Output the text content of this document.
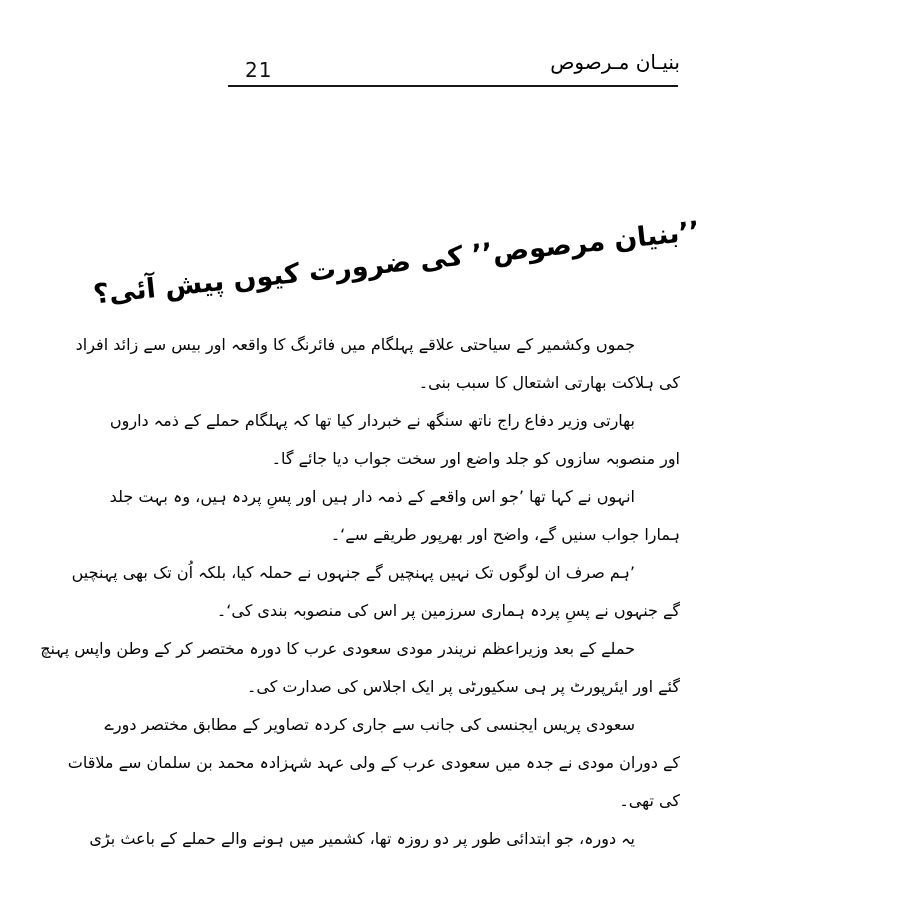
21	بنیـان مـرصوص
’’بنیان مرصوص’’ کی ضرورت کیوں پیش آئی؟
جموں وکشمیر کے سیاحتی علاقے پہلگام میں فائرنگ کا واقعہ اور بیس سے زائد افراد
کی ہلاکت بھارتی اشتعال کا سبب بنی۔
بھارتی وزیر دفاع راج ناتھ سنگھ نے خبردار کیا تھا کہ پہلگام حملے کے ذمہ داروں
اور منصوبہ سازوں کو جلد واضع اور سخت جواب دیا جائے گا۔
انہوں نے کہا تھا ’جو اس واقعے کے ذمہ دار ہیں اور پسِ پردہ ہیں، وہ بہت جلد
ہمارا جواب سنیں گے، واضح اور بھرپور طریقے سے‘۔
’ہم صرف ان لوگوں تک نہیں پہنچیں گے جنہوں نے حملہ کیا، بلکہ اُن تک بھی پہنچیں
گے جنہوں نے پسِ پردہ ہماری سرزمین پر اس کی منصوبہ بندی کی‘۔
حملے کے بعد وزیراعظم نریندر مودی سعودی عرب کا دورہ مختصر کر کے وطن واپس پہنچ
گئے اور ایئرپورٹ پر ہی سکیورٹی پر ایک اجلاس کی صدارت کی۔
سعودی پریس ایجنسی کی جانب سے جاری کردہ تصاویر کے مطابق مختصر دورے
کے دوران مودی نے جدہ میں سعودی عرب کے ولی عہد شہزادہ محمد بن سلمان سے ملاقات
کی تھی۔
یہ دورہ، جو ابتدائی طور پر دو روزہ تھا، کشمیر میں ہونے والے حملے کے باعث بڑی
